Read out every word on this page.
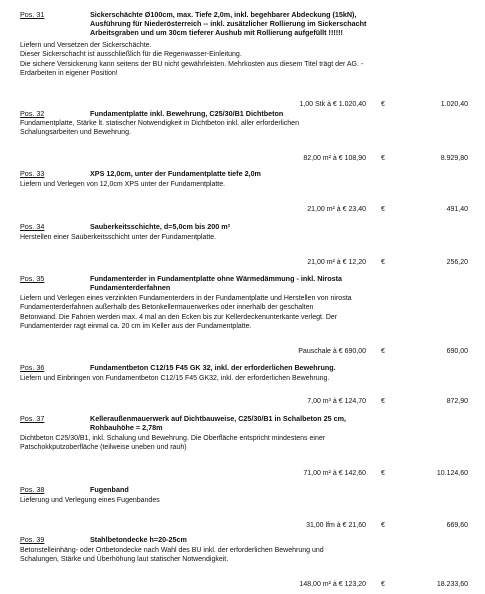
Pos. 31	Sickerschächte Ø100cm, max. Tiefe 2,0m, inkl. begehbarer Abdeckung (15kN),
Ausführung für Niederösterreich -- inkl. zusätzlicher Rollierung im Sickerschacht
Arbeitsgraben und um 30cm tieferer Aushub mit Rollierung aufgefüllt !!!!!!
Liefern und Versetzen der Sickerschächte.
Dieser Sickerschacht ist ausschließlich für die Regenwasser-Einleitung.
Die sichere Versickerung kann seitens der BU nicht gewährleisten. Mehrkosten aus diesem Titel trägt der AG. -
Erdarbeiten in eigener Position!
1,00 Stk à € 1.020,40 €	1.020,40
Pos. 32	Fundamentplatte inkl. Bewehrung, C25/30/B1 Dichtbeton
Fundamentplatte, Stärke lt. statischer Notwendigkeit in Dichtbeton inkl. aller erforderlichen
Schalungsarbeiten und Bewehrung.
82,00 m² à € 108,90 €	8.929,80
Pos. 33	XPS 12,0cm, unter der Fundamentplatte tiefe 2,0m
Liefern und Verlegen von 12,0cm XPS unter der Fundamentplatte.
21,00 m² à € 23,40 €	491,40
Pos. 34	Sauberkeitsschichte, d=5,0cm bis 200 m²
Herstellen einer Sauberkeitsschicht unter der Fundamentplatte.
21,00 m² à € 12,20 €	256,20
Pos. 35	Fundamenterder in Fundamentplatte ohne Wärmedämmung - inkl. Nirosta
Fundamenterderfahnen
Liefern und Verlegen eines verzinkten Fundamenterders in der Fundamentplatte und Herstellen von nirosta
Fundamenterderfahnen außerhalb des Betonkellermauerwerkes oder innerhalb der geschalten
Betonwand. Die Fahnen werden max. 4 mal an den Ecken bis zur Kellerdeckenunterkante verlegt. Der
Fundamenterder ragt einmal ca. 20 cm im Keller aus der Fundamentplatte.
Pauschale à € 690,00 €	690,00
Pos. 36	Fundamentbeton C12/15 F45 GK 32, inkl. der erforderlichen Bewehrung.
Liefern und Einbringen von Fundamentbeton C12/15 F45 GK32, inkl. der erforderlichen Bewehrung.
7,00 m³ à € 124,70 €	872,90
Pos. 37	Kelleraußenmauerwerk auf Dichtbauweise, C25/30/B1 in Schalbeton 25 cm,
Rohbauhöhe = 2,78m
Dichtbeton C25/30/B1, inkl. Schalung und Bewehrung. Die Oberfläche entspricht mindestens einer
Patschokkputzoberfläche (teilweise uneben und rauh)
71,00 m² à € 142,60 €	10.124,60
Pos. 38	Fugenband
Lieferung und Verlegung eines Fugenbandes
31,00 lfm à € 21,60 €	669,60
Pos. 39	Stahlbetondecke h=20-25cm
Betonstelleinhäng- oder Ortbetondecke nach Wahl des BU inkl. der erforderlichen Bewehrung und
Schalungen, Stärke und Überhöhung laut statischer Notwendigkeit.
148,00 m² à € 123,20 €	18.233,60
